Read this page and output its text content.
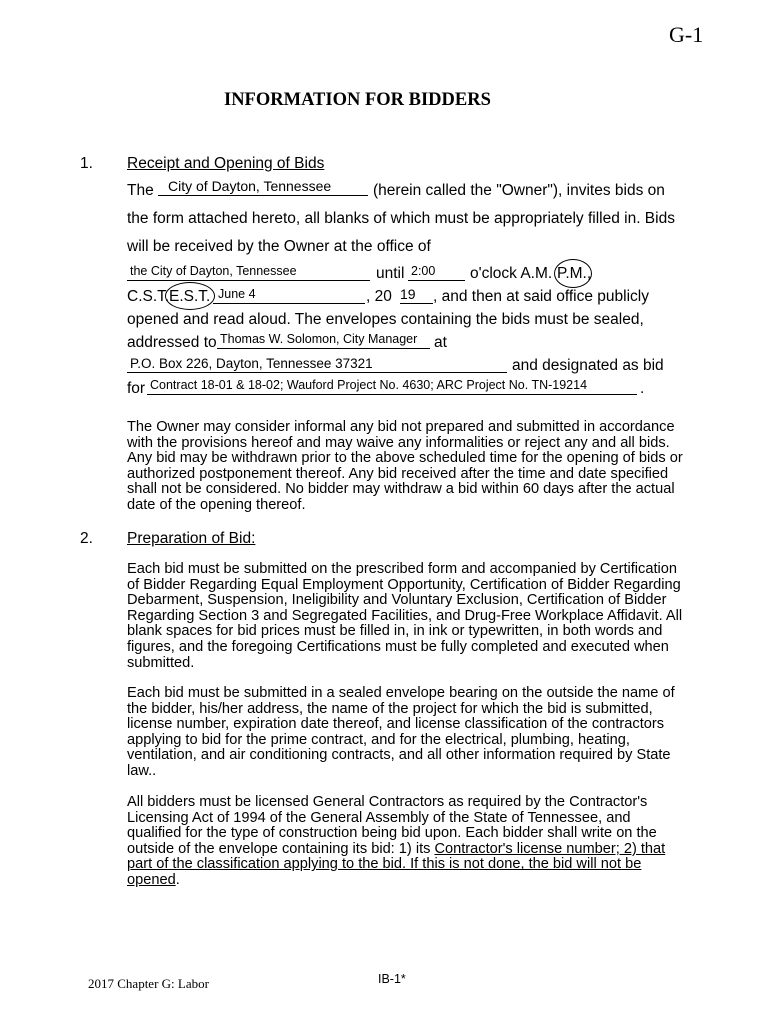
G-1
INFORMATION FOR BIDDERS
1. Receipt and Opening of Bids
The	City of Dayton, Tennessee	(herein called the "Owner"), invites bids on
the form attached hereto, all blanks of which must be appropriately filled in. Bids
will be received by the Owner at the office of
the City of Dayton, Tennessee	until 2:00	o'clock A.M. P.M.,
C.S.T. E.S.T. June 4	, 20 19	, and then at said office publicly
opened and read aloud. The envelopes containing the bids must be sealed,
addressed to Thomas W. Solomon, City Manager	at
P.O. Box 226, Dayton, Tennessee 37321	and designated as bid
for Contract 18-01 & 18-02; Wauford Project No. 4630; ARC Project No. TN-19214	.
The Owner may consider informal any bid not prepared and submitted in accordance with the provisions hereof and may waive any informalities or reject any and all bids. Any bid may be withdrawn prior to the above scheduled time for the opening of bids or authorized postponement thereof. Any bid received after the time and date specified shall not be considered. No bidder may withdraw a bid within 60 days after the actual date of the opening thereof.
2. Preparation of Bid:
Each bid must be submitted on the prescribed form and accompanied by Certification of Bidder Regarding Equal Employment Opportunity, Certification of Bidder Regarding Debarment, Suspension, Ineligibility and Voluntary Exclusion, Certification of Bidder Regarding Section 3 and Segregated Facilities, and Drug-Free Workplace Affidavit. All blank spaces for bid prices must be filled in, in ink or typewritten, in both words and figures, and the foregoing Certifications must be fully completed and executed when submitted.
Each bid must be submitted in a sealed envelope bearing on the outside the name of the bidder, his/her address, the name of the project for which the bid is submitted, license number, expiration date thereof, and license classification of the contractors applying to bid for the prime contract, and for the electrical, plumbing, heating, ventilation, and air conditioning contracts, and all other information required by State law..
All bidders must be licensed General Contractors as required by the Contractor's Licensing Act of 1994 of the General Assembly of the State of Tennessee, and qualified for the type of construction being bid upon. Each bidder shall write on the outside of the envelope containing its bid: 1) its Contractor's license number; 2) that part of the classification applying to the bid. If this is not done, the bid will not be opened.
2017 Chapter G: Labor	IB-1*
